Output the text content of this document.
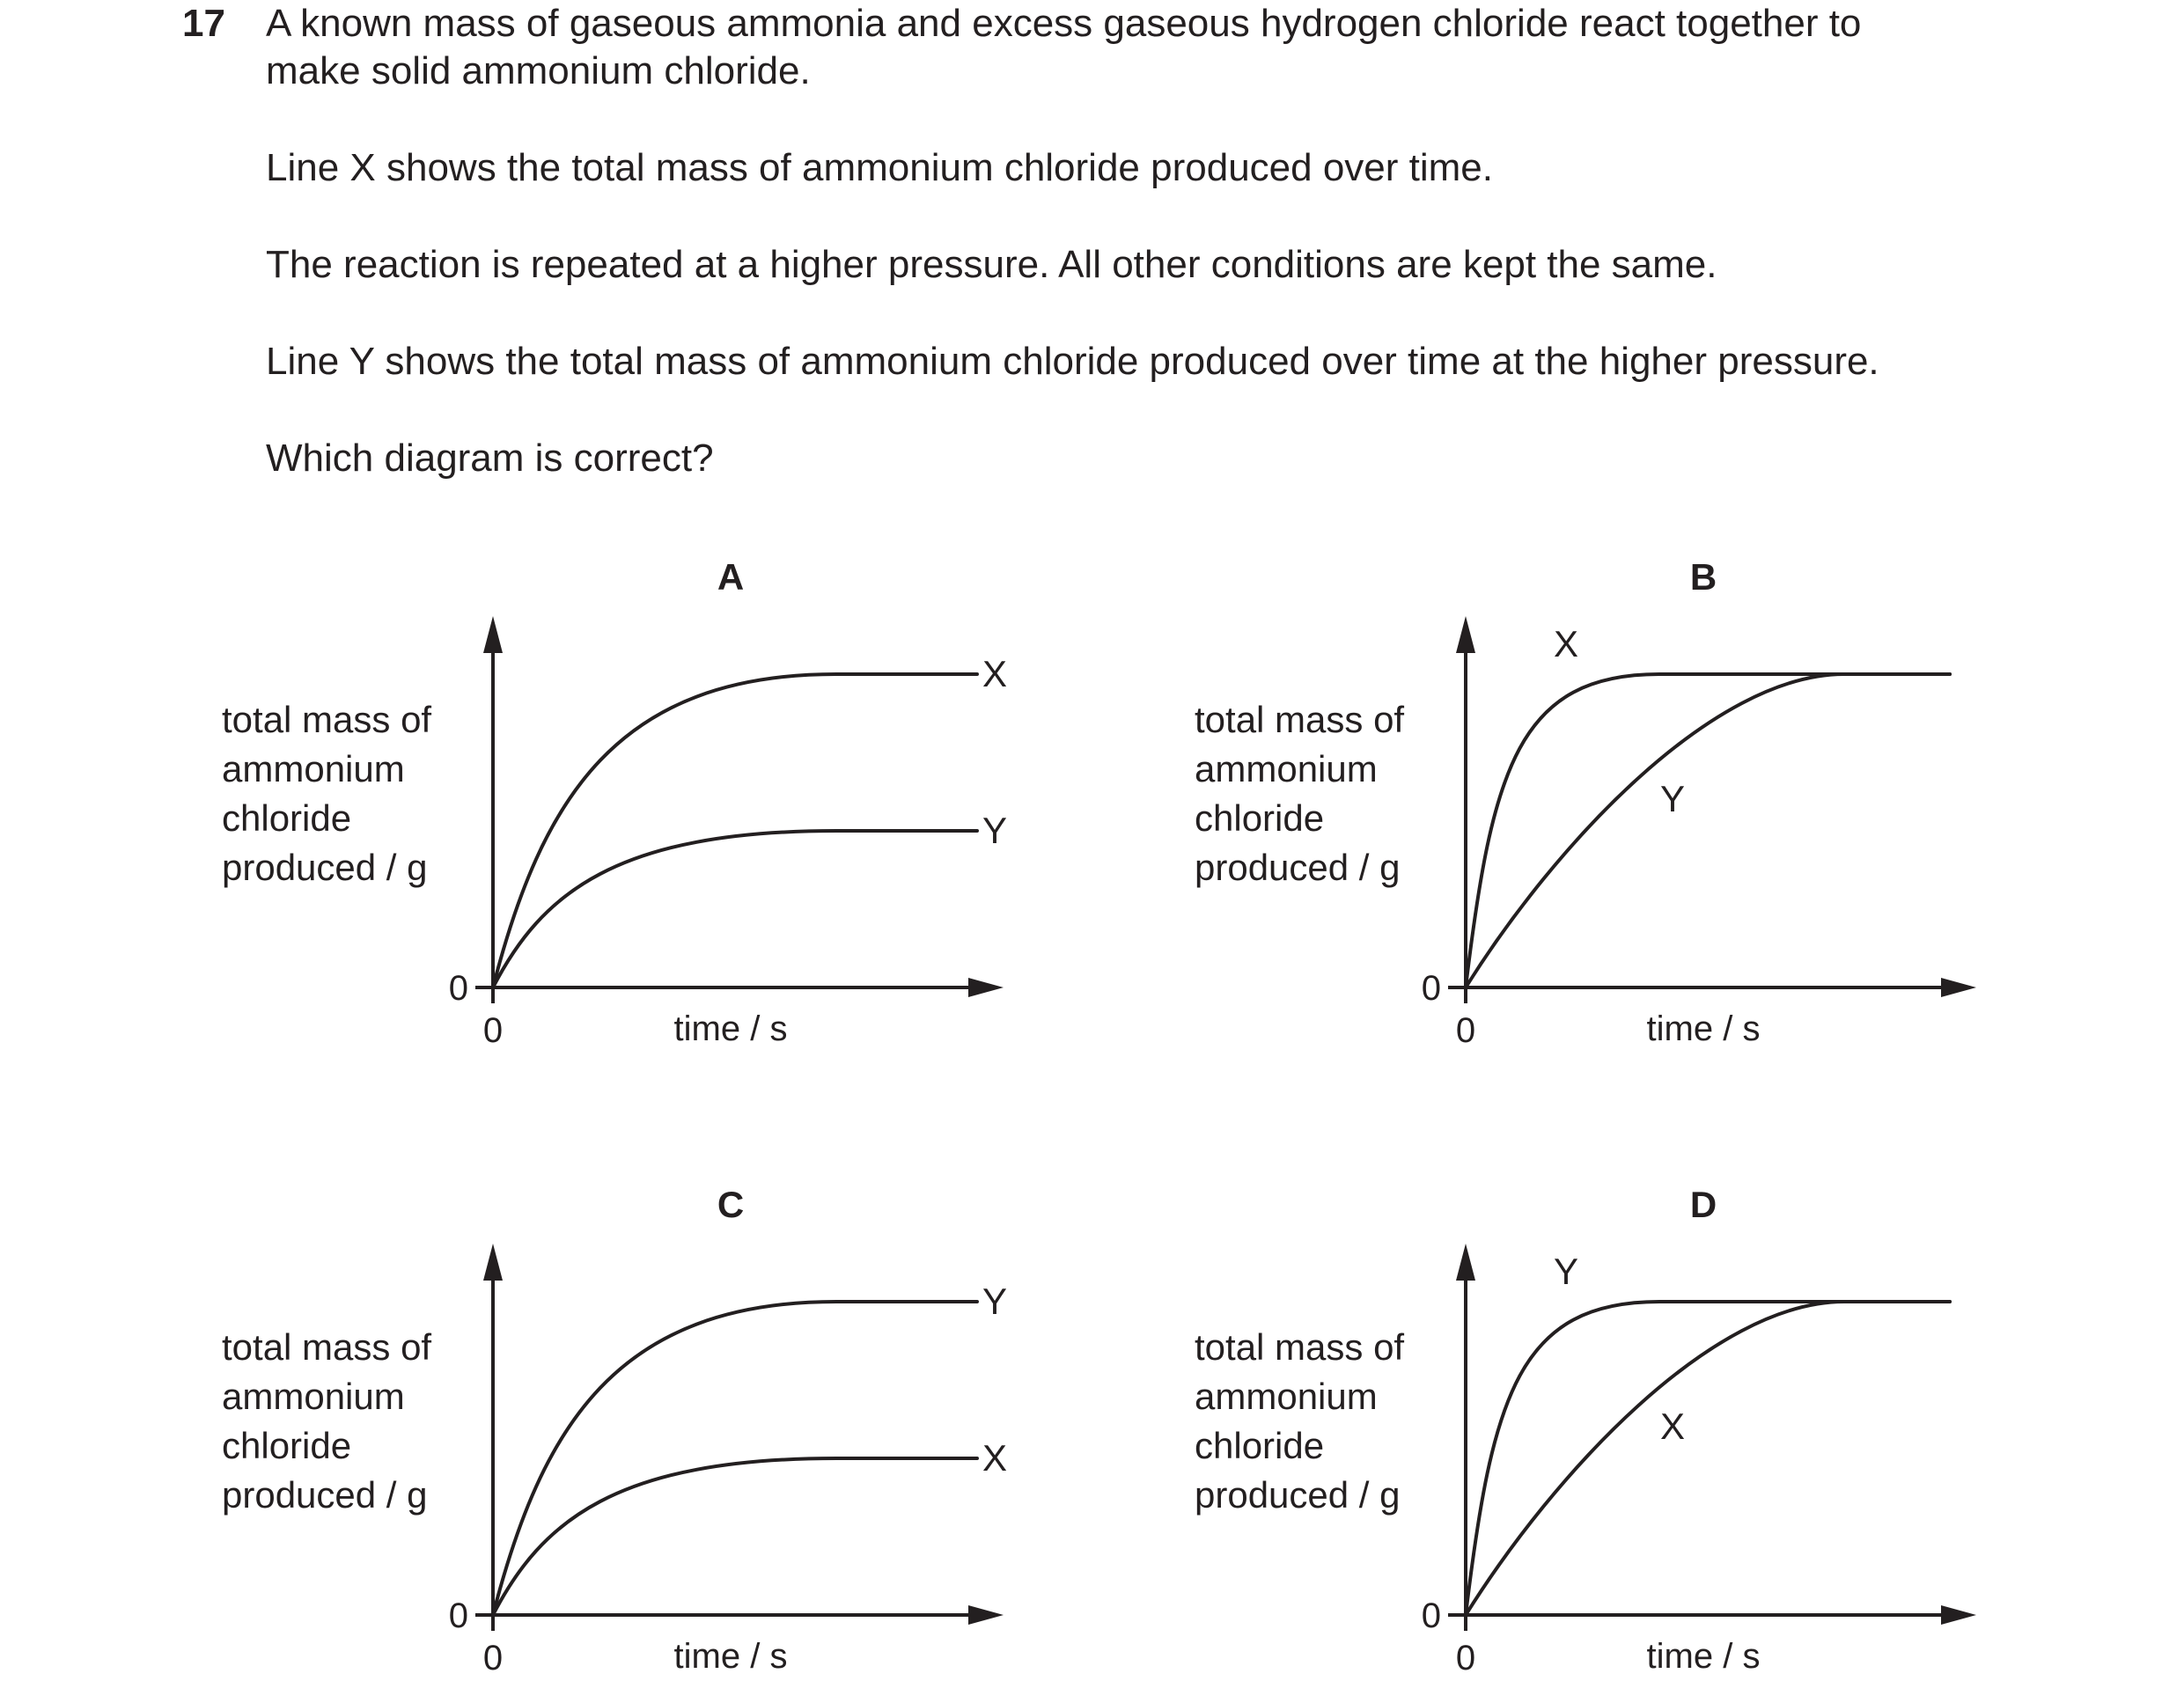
17 A known mass of gaseous ammonia and excess gaseous hydrogen chloride react together to
make solid ammonium chloride.
Line X shows the total mass of ammonium chloride produced over time.
The reaction is repeated at a higher pressure. All other conditions are kept the same.
Line Y shows the total mass of ammonium chloride produced over time at the higher pressure.
Which diagram is correct?
A
0
0	time / s
total mass of
ammonium
chloride
produced / g
X
Y
B
0
0	time / s
total mass of
ammonium
chloride
produced / g
X
Y
C
0
0	time / s
total mass of
ammonium
chloride
produced / g
Y
X
D
0
0	time / s
total mass of
ammonium
chloride
produced / g
Y
X
